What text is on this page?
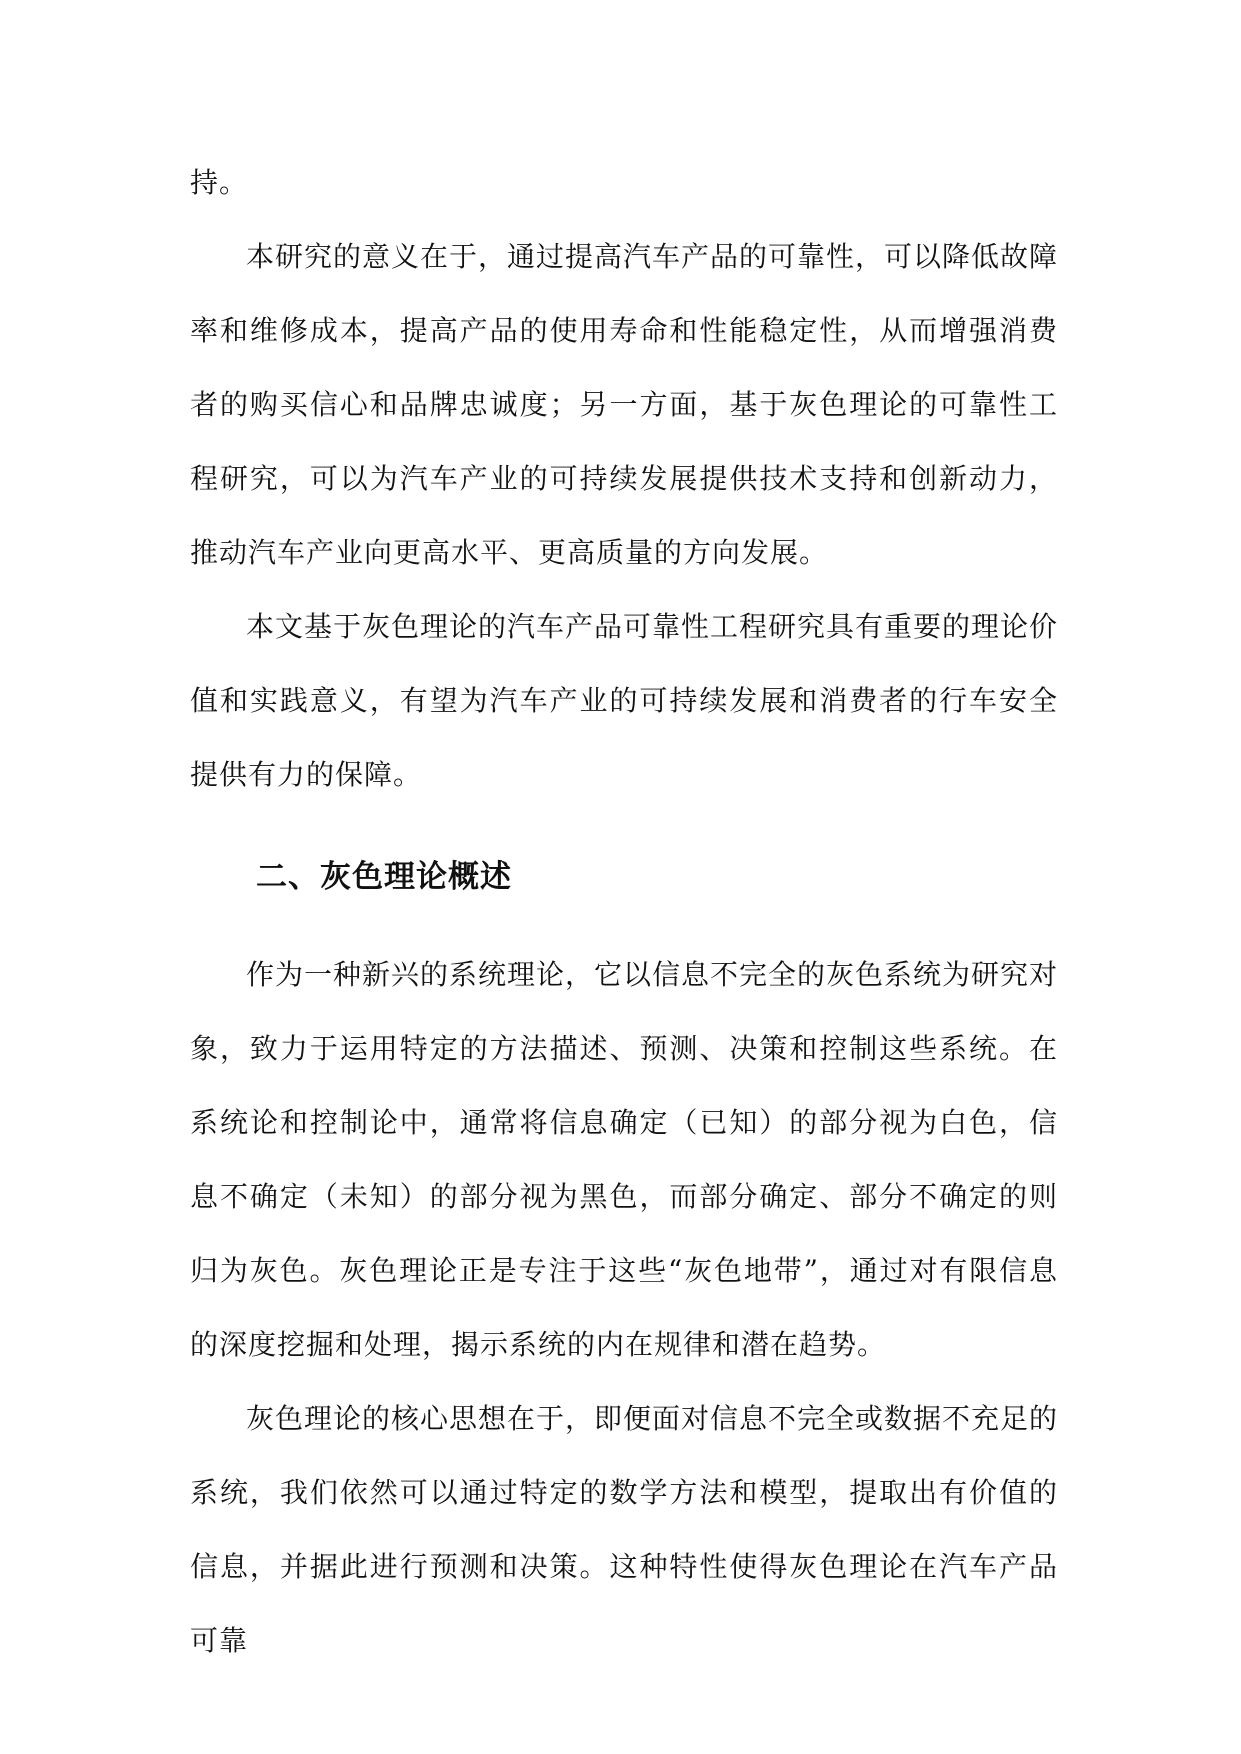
持。

本研究的意义在于，通过提高汽车产品的可靠性，可以降低故障率和维修成本，提高产品的使用寿命和性能稳定性，从而增强消费者的购买信心和品牌忠诚度；另一方面，基于灰色理论的可靠性工程研究，可以为汽车产业的可持续发展提供技术支持和创新动力，推动汽车产业向更高水平、更高质量的方向发展。

本文基于灰色理论的汽车产品可靠性工程研究具有重要的理论价值和实践意义，有望为汽车产业的可持续发展和消费者的行车安全提供有力的保障。

二、灰色理论概述

作为一种新兴的系统理论，它以信息不完全的灰色系统为研究对象，致力于运用特定的方法描述、预测、决策和控制这些系统。在系统论和控制论中，通常将信息确定（已知）的部分视为白色，信息不确定（未知）的部分视为黑色，而部分确定、部分不确定的则归为灰色。灰色理论正是专注于这些“灰色地带”，通过对有限信息的深度挖掘和处理，揭示系统的内在规律和潜在趋势。

灰色理论的核心思想在于，即便面对信息不完全或数据不充足的系统，我们依然可以通过特定的数学方法和模型，提取出有价值的信息，并据此进行预测和决策。这种特性使得灰色理论在汽车产品可靠
